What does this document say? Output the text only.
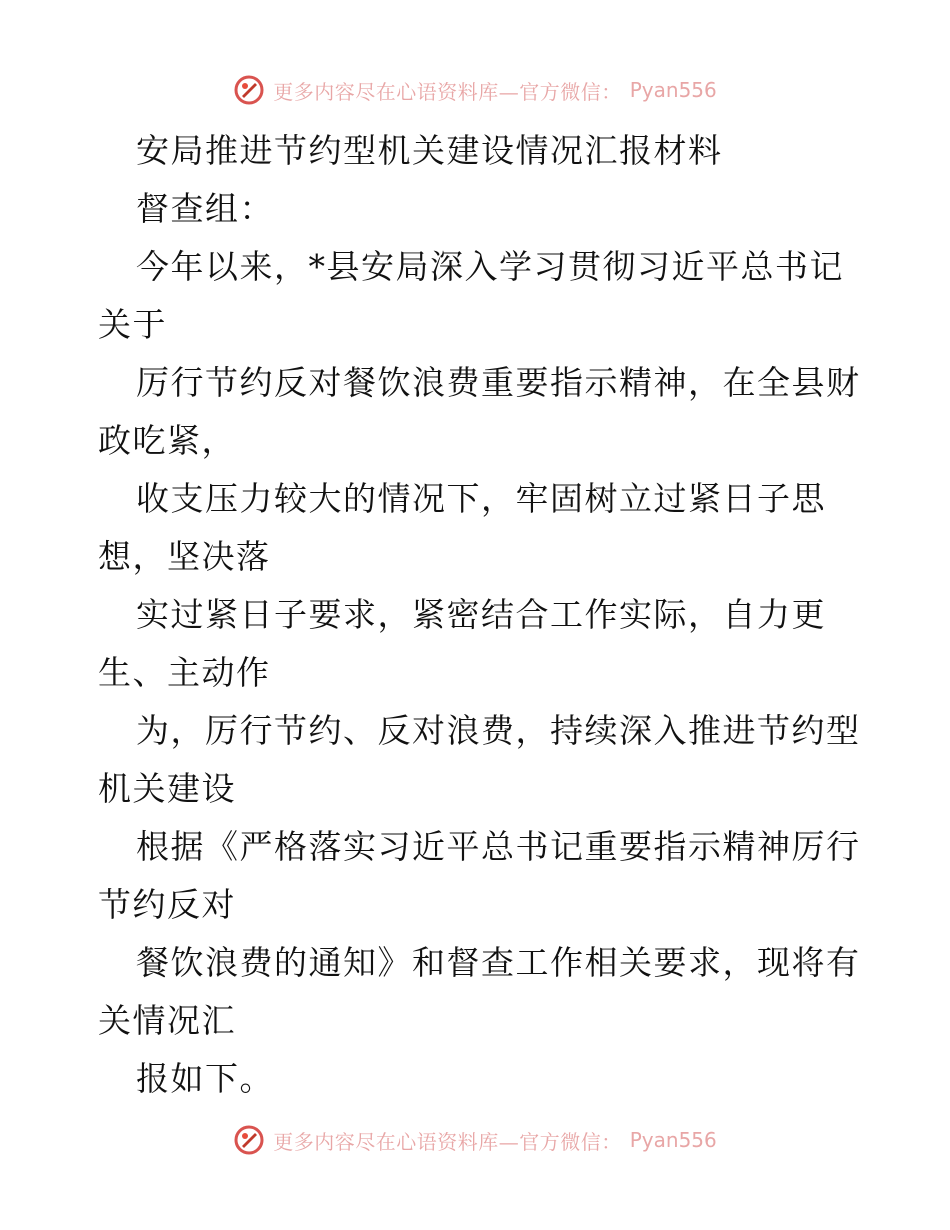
更多内容尽在心语资料库—官方微信： Pyan556
安局推进节约型机关建设情况汇报材料
督查组：
今年以来，*县安局深入学习贯彻习近平总书记
关于
厉行节约反对餐饮浪费重要指示精神，在全县财
政吃紧，
收支压力较大的情况下，牢固树立过紧日子思
想，坚决落
实过紧日子要求，紧密结合工作实际，自力更
生、主动作
为，厉行节约、反对浪费，持续深入推进节约型
机关建设
根据《严格落实习近平总书记重要指示精神厉行
节约反对
餐饮浪费的通知》和督查工作相关要求，现将有
关情况汇
报如下。
更多内容尽在心语资料库—官方微信： Pyan556
